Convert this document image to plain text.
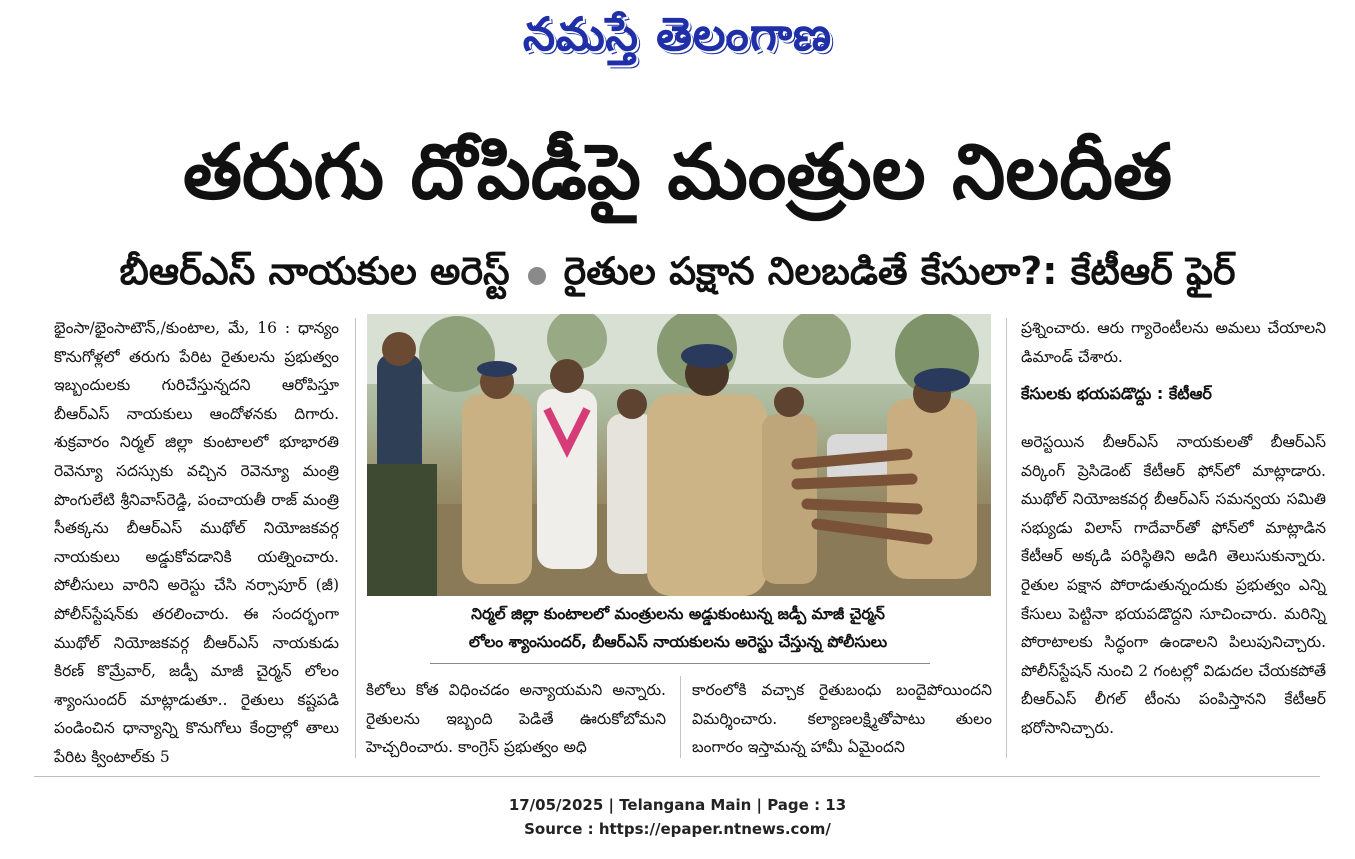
నమస్తే తెలంగాణ
తరుగు దోపిడీపై మంత్రుల నిలదీత
బీఆర్‌ఎస్‌ నాయకుల అరెస్ట్‌ రైతుల పక్షాన నిలబడితే కేసులా?: కేటీఆర్‌ ఫైర్‌

భైంసా/భైంసాటౌన్‌,/కుంటాల, మే, 16 : ధాన్యం కొనుగోళ్లలో తరుగు పేరిట రైతులను ప్రభుత్వం ఇబ్బందులకు గురిచేస్తున్నదని ఆరోపిస్తూ బీఆర్‌ఎస్‌ నాయకులు ఆందోళనకు దిగారు. శుక్రవారం నిర్మల్‌ జిల్లా కుంటాలలో భూభారతి రెవెన్యూ సదస్సుకు వచ్చిన రెవెన్యూ మంత్రి పొంగులేటి శ్రీనివాస్‌రెడ్డి, పంచాయతీ రాజ్‌ మంత్రి సీతక్కను బీఆర్‌ఎస్‌ ముథోల్‌ నియోజకవర్గ నాయకులు అడ్డుకోవడానికి యత్నించారు. పోలీసులు వారిని అరెస్టు చేసి నర్సాపూర్‌ (జీ) పోలీస్‌స్టేషన్‌కు తరలించారు. ఈ సందర్భంగా ముథోల్‌ నియోజకవర్గ బీఆర్‌ఎస్‌ నాయకుడు కిరణ్‌ కొమ్రేవార్‌, జడ్పీ మాజీ చైర్మన్‌ లోలం శ్యాంసుందర్‌ మాట్లాడుతూ.. రైతులు కష్టపడి పండించిన ధాన్యాన్ని కొనుగోలు కేంద్రాల్లో తాలు పేరిట క్వింటాల్‌కు 5

నిర్మల్‌ జిల్లా కుంటాలలో మంత్రులను అడ్డుకుంటున్న జడ్పీ మాజీ చైర్మన్‌
లోలం శ్యాంసుందర్‌, బీఆర్‌ఎస్‌ నాయకులను అరెస్టు చేస్తున్న పోలీసులు

కిలోలు కోత విధించడం అన్యాయమని అన్నారు. రైతులను ఇబ్బంది పెడితే ఊరుకోబోమని హెచ్చరించారు. కాంగ్రెస్‌ ప్రభుత్వం అధి

కారంలోకి వచ్చాక రైతుబంధు బందైపోయిందని విమర్శించారు. కల్యాణలక్ష్మితోపాటు తులం బంగారం ఇస్తామన్న హామీ ఏమైందని

ప్రశ్నించారు. ఆరు గ్యారెంటీలను అమలు చేయాలని డిమాండ్‌ చేశారు.

కేసులకు భయపడొద్దు : కేటీఆర్‌

అరెస్టయిన బీఆర్‌ఎస్‌ నాయకులతో బీఆర్‌ఎస్‌ వర్కింగ్‌ ప్రెసిడెంట్‌ కేటీఆర్‌ ఫోన్‌లో మాట్లాడారు. ముథోల్‌ నియోజకవర్గ బీఆర్‌ఎస్‌ సమన్వయ సమితి సభ్యుడు విలాస్‌ గాదేవార్‌తో ఫోన్‌లో మాట్లాడిన కేటీఆర్‌ అక్కడి పరిస్థితిని అడిగి తెలుసుకున్నారు. రైతుల పక్షాన పోరాడుతున్నందుకు ప్రభుత్వం ఎన్ని కేసులు పెట్టినా భయపడొద్దని సూచించారు. మరిన్ని పోరాటాలకు సిద్ధంగా ఉండాలని పిలుపునిచ్చారు. పోలీస్‌స్టేషన్‌ నుంచి 2 గంటల్లో విడుదల చేయకపోతే బీఆర్‌ఎస్‌ లీగల్‌ టీంను పంపిస్తానని కేటీఆర్‌ భరోసానిచ్చారు.

17/05/2025 | Telangana Main | Page : 13
Source : https://epaper.ntnews.com/
